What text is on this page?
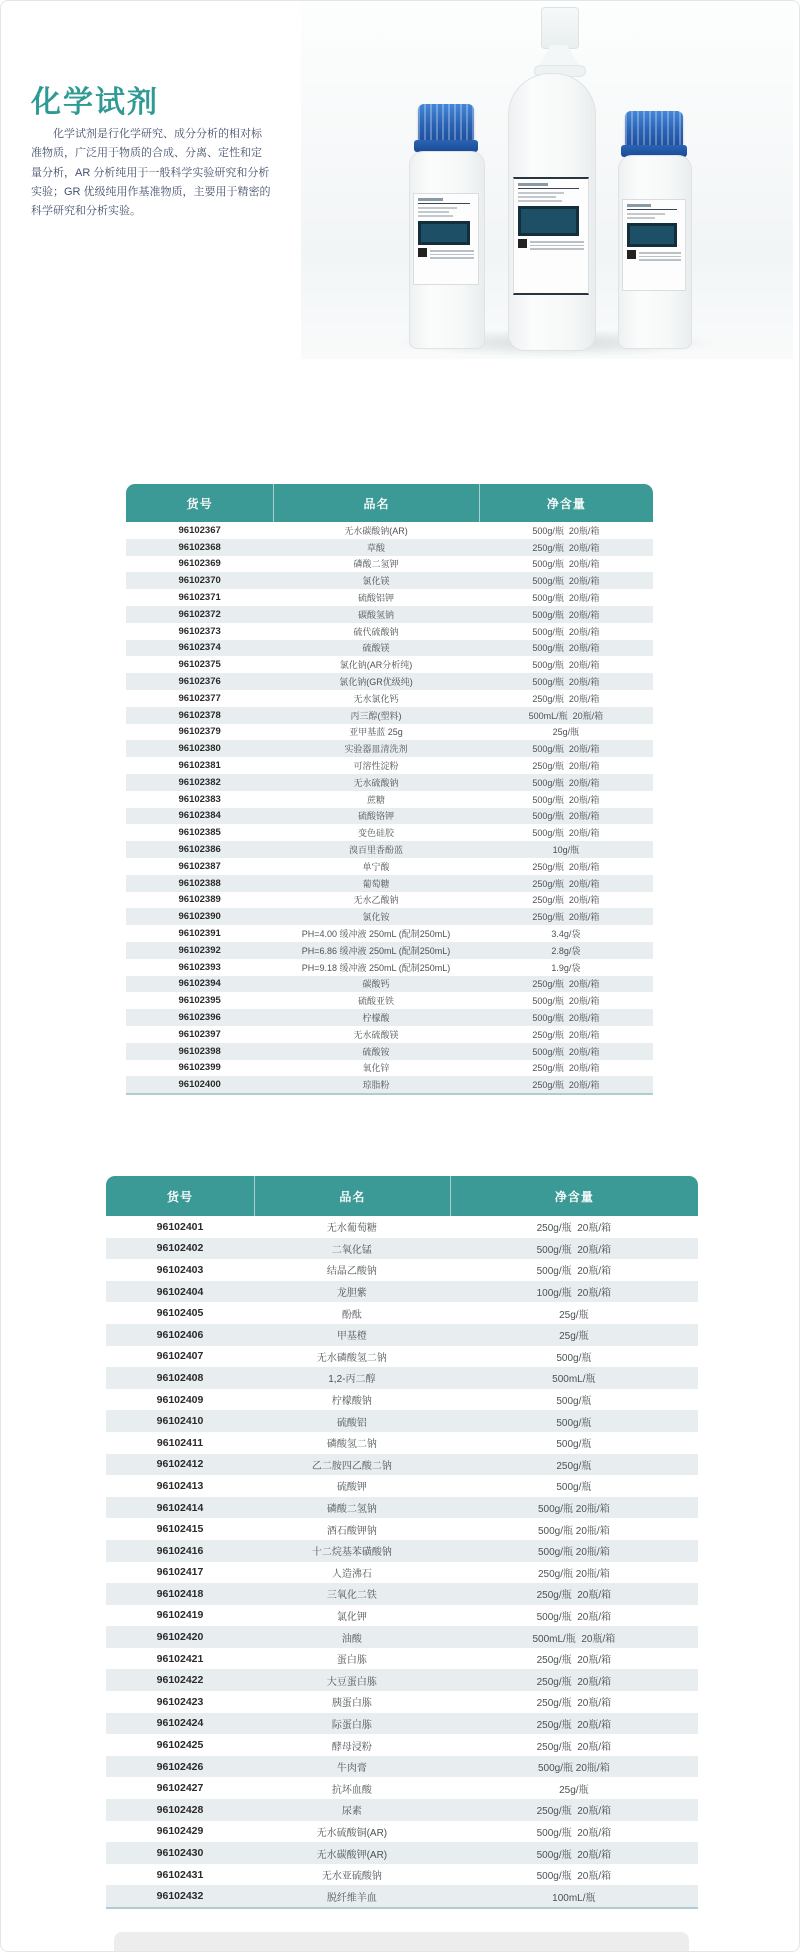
化学试剂
化学试剂是行化学研究、成分分析的相对标准物质，广泛用于物质的合成、分离、定性和定量分析，AR 分析纯用于一般科学实验研究和分析实验；GR 优级纯用作基准物质，主要用于精密的科学研究和分析实验。
货号	品名	净含量
96102367	无水碳酸钠(AR)	500g/瓶  20瓶/箱
96102368	草酸	250g/瓶  20瓶/箱
96102369	磷酸二氢钾	500g/瓶  20瓶/箱
96102370	氯化镁	500g/瓶  20瓶/箱
96102371	硫酸铝钾	500g/瓶  20瓶/箱
96102372	碳酸氢钠	500g/瓶  20瓶/箱
96102373	硫代硫酸钠	500g/瓶  20瓶/箱
96102374	硫酸镁	500g/瓶  20瓶/箱
96102375	氯化钠(AR分析纯)	500g/瓶  20瓶/箱
96102376	氯化钠(GR优级纯)	500g/瓶  20瓶/箱
96102377	无水氯化钙	250g/瓶  20瓶/箱
96102378	丙三醇(塑料)	500mL/瓶  20瓶/箱
96102379	亚甲基蓝 25g	25g/瓶
96102380	实验器皿清洗剂	500g/瓶  20瓶/箱
96102381	可溶性淀粉	250g/瓶  20瓶/箱
96102382	无水硫酸钠	500g/瓶  20瓶/箱
96102383	蔗糖	500g/瓶  20瓶/箱
96102384	硫酸铬钾	500g/瓶  20瓶/箱
96102385	变色硅胶	500g/瓶  20瓶/箱
96102386	溴百里香酚蓝	10g/瓶
96102387	单宁酸	250g/瓶  20瓶/箱
96102388	葡萄糖	250g/瓶  20瓶/箱
96102389	无水乙酸钠	250g/瓶  20瓶/箱
96102390	氯化铵	250g/瓶  20瓶/箱
96102391	PH=4.00 缓冲液 250mL (配制250mL)	3.4g/袋
96102392	PH=6.86 缓冲液 250mL (配制250mL)	2.8g/袋
96102393	PH=9.18 缓冲液 250mL (配制250mL)	1.9g/袋
96102394	碳酸钙	250g/瓶  20瓶/箱
96102395	硫酸亚铁	500g/瓶  20瓶/箱
96102396	柠檬酸	500g/瓶  20瓶/箱
96102397	无水硫酸镁	250g/瓶  20瓶/箱
96102398	硫酸铵	500g/瓶  20瓶/箱
96102399	氧化锌	250g/瓶  20瓶/箱
96102400	琼脂粉	250g/瓶  20瓶/箱
货号	品名	净含量
96102401	无水葡萄糖	250g/瓶  20瓶/箱
96102402	二氧化锰	500g/瓶  20瓶/箱
96102403	结晶乙酸钠	500g/瓶  20瓶/箱
96102404	龙胆紫	100g/瓶  20瓶/箱
96102405	酚酞	25g/瓶
96102406	甲基橙	25g/瓶
96102407	无水磷酸氢二钠	500g/瓶
96102408	1,2-丙二醇	500mL/瓶
96102409	柠檬酸钠	500g/瓶
96102410	硫酸铝	500g/瓶
96102411	磷酸氢二钠	500g/瓶
96102412	乙二胺四乙酸二钠	250g/瓶
96102413	硫酸钾	500g/瓶
96102414	磷酸二氢钠	500g/瓶 20瓶/箱
96102415	酒石酸钾钠	500g/瓶 20瓶/箱
96102416	十二烷基苯磺酸钠	500g/瓶 20瓶/箱
96102417	人造沸石	250g/瓶 20瓶/箱
96102418	三氧化二铁	250g/瓶  20瓶/箱
96102419	氯化钾	500g/瓶  20瓶/箱
96102420	油酸	500mL/瓶  20瓶/箱
96102421	蛋白胨	250g/瓶  20瓶/箱
96102422	大豆蛋白胨	250g/瓶  20瓶/箱
96102423	胰蛋白胨	250g/瓶  20瓶/箱
96102424	际蛋白胨	250g/瓶  20瓶/箱
96102425	酵母浸粉	250g/瓶  20瓶/箱
96102426	牛肉膏	500g/瓶 20瓶/箱
96102427	抗坏血酸	25g/瓶
96102428	尿素	250g/瓶  20瓶/箱
96102429	无水硫酸铜(AR)	500g/瓶  20瓶/箱
96102430	无水碳酸钾(AR)	500g/瓶  20瓶/箱
96102431	无水亚硫酸钠	500g/瓶  20瓶/箱
96102432	脱纤维羊血	100mL/瓶
